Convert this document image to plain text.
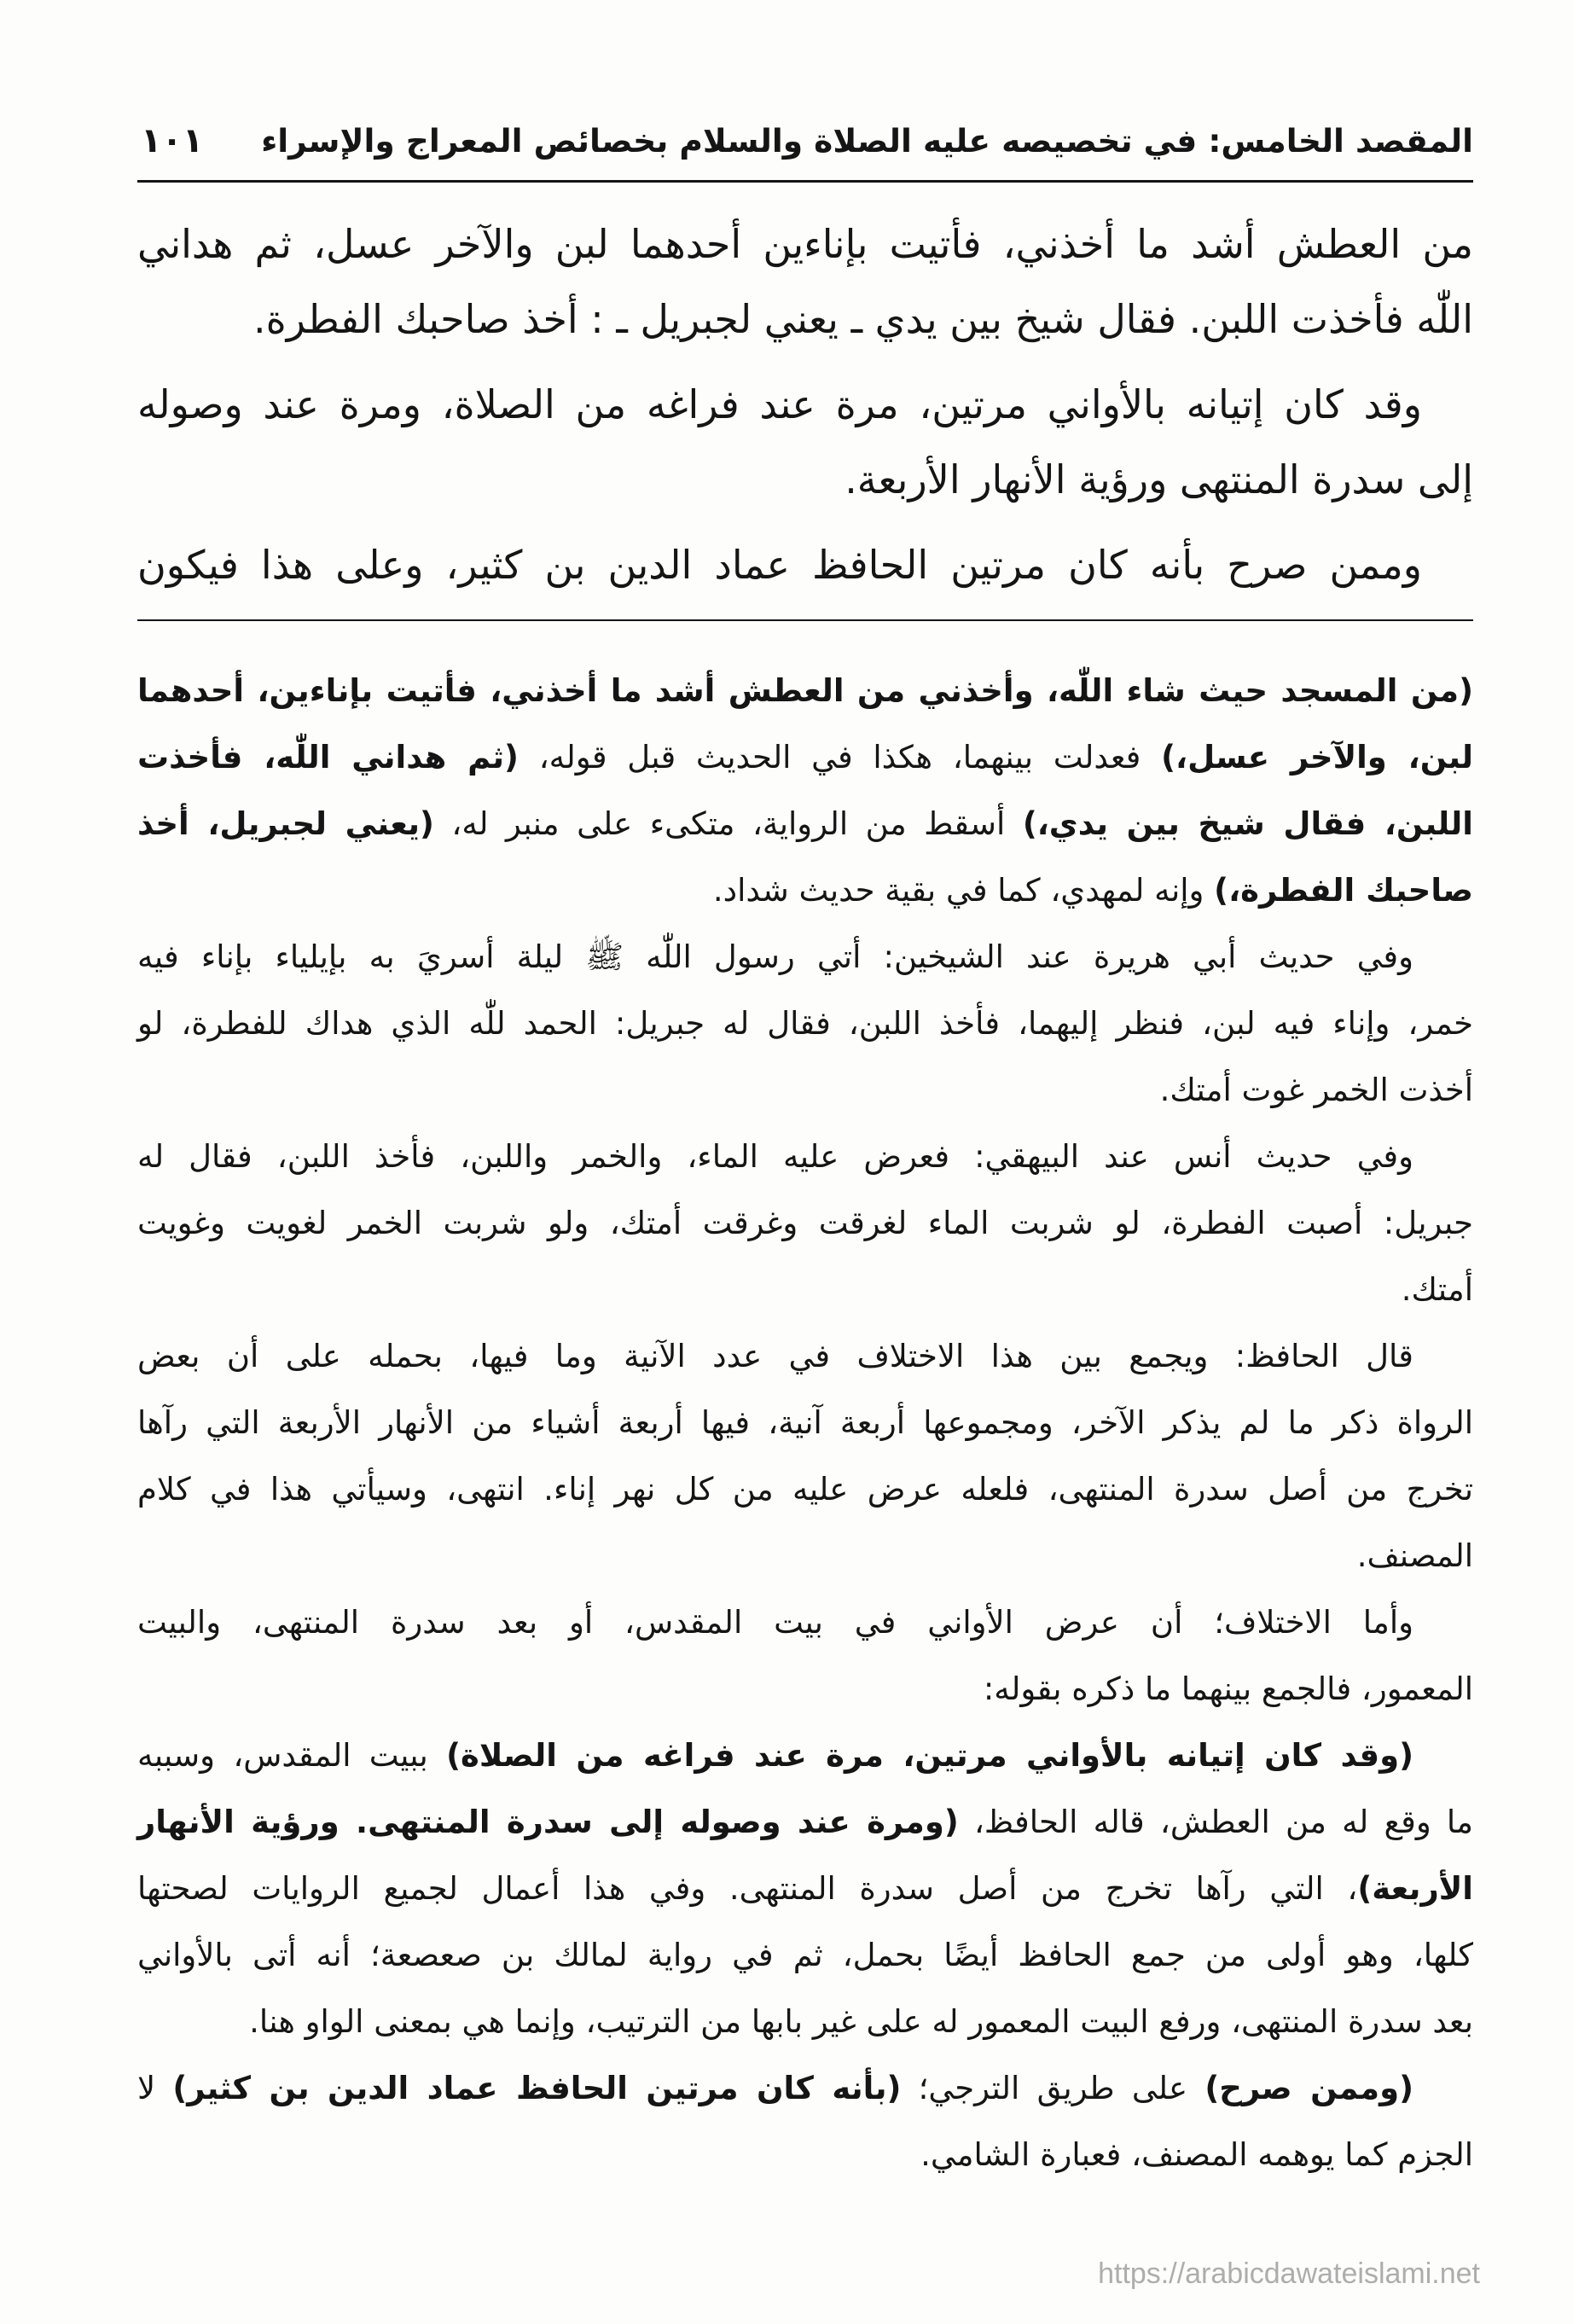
المقصد الخامس: في تخصيصه عليه الصلاة والسلام بخصائص المعراج والإسراء
١٠١
من العطش أشد ما أخذني، فأتيت بإناءين أحدهما لبن والآخر عسل، ثم هداني
اللّٰه فأخذت اللبن. فقال شيخ بين يدي ـ يعني لجبريل ـ : أخذ صاحبك الفطرة.
وقد كان إتيانه بالأواني مرتين، مرة عند فراغه من الصلاة، ومرة عند وصوله
إلى سدرة المنتهى ورؤية الأنهار الأربعة.
وممن صرح بأنه كان مرتين الحافظ عماد الدين بن كثير، وعلى هذا فيكون
(من المسجد حيث شاء اللّٰه، وأخذني من العطش أشد ما أخذني، فأتيت بإناءين، أحدهما
لبن، والآخر عسل،) فعدلت بينهما، هكذا في الحديث قبل قوله، (ثم هداني اللّٰه، فأخذت
اللبن، فقال شيخ بين يدي،) أسقط من الرواية، متكىء على منبر له، (يعني لجبريل، أخذ
صاحبك الفطرة،) وإنه لمهدي، كما في بقية حديث شداد.
وفي حديث أبي هريرة عند الشيخين: أتي رسول اللّٰه ﷺ ليلة أسريَ به بإيلياء بإناء فيه
خمر، وإناء فيه لبن، فنظر إليهما، فأخذ اللبن، فقال له جبريل: الحمد للّٰه الذي هداك للفطرة، لو
أخذت الخمر غوت أمتك.
وفي حديث أنس عند البيهقي: فعرض عليه الماء، والخمر واللبن، فأخذ اللبن، فقال له
جبريل: أصبت الفطرة، لو شربت الماء لغرقت وغرقت أمتك، ولو شربت الخمر لغويت وغويت
أمتك.
قال الحافظ: ويجمع بين هذا الاختلاف في عدد الآنية وما فيها، بحمله على أن بعض
الرواة ذكر ما لم يذكر الآخر، ومجموعها أربعة آنية، فيها أربعة أشياء من الأنهار الأربعة التي رآها
تخرج من أصل سدرة المنتهى، فلعله عرض عليه من كل نهر إناء. انتهى، وسيأتي هذا في كلام
المصنف.
وأما الاختلاف؛ أن عرض الأواني في بيت المقدس، أو بعد سدرة المنتهى، والبيت
المعمور، فالجمع بينهما ما ذكره بقوله:
(وقد كان إتيانه بالأواني مرتين، مرة عند فراغه من الصلاة) ببيت المقدس، وسببه
ما وقع له من العطش، قاله الحافظ، (ومرة عند وصوله إلى سدرة المنتهى. ورؤية الأنهار
الأربعة)، التي رآها تخرج من أصل سدرة المنتهى. وفي هذا أعمال لجميع الروايات لصحتها
كلها، وهو أولى من جمع الحافظ أيضًا بحمل، ثم في رواية لمالك بن صعصعة؛ أنه أتى بالأواني
بعد سدرة المنتهى، ورفع البيت المعمور له على غير بابها من الترتيب، وإنما هي بمعنى الواو هنا.
(وممن صرح) على طريق الترجي؛ (بأنه كان مرتين الحافظ عماد الدين بن كثير) لا
الجزم كما يوهمه المصنف، فعبارة الشامي.
https://arabicdawateislami.net
